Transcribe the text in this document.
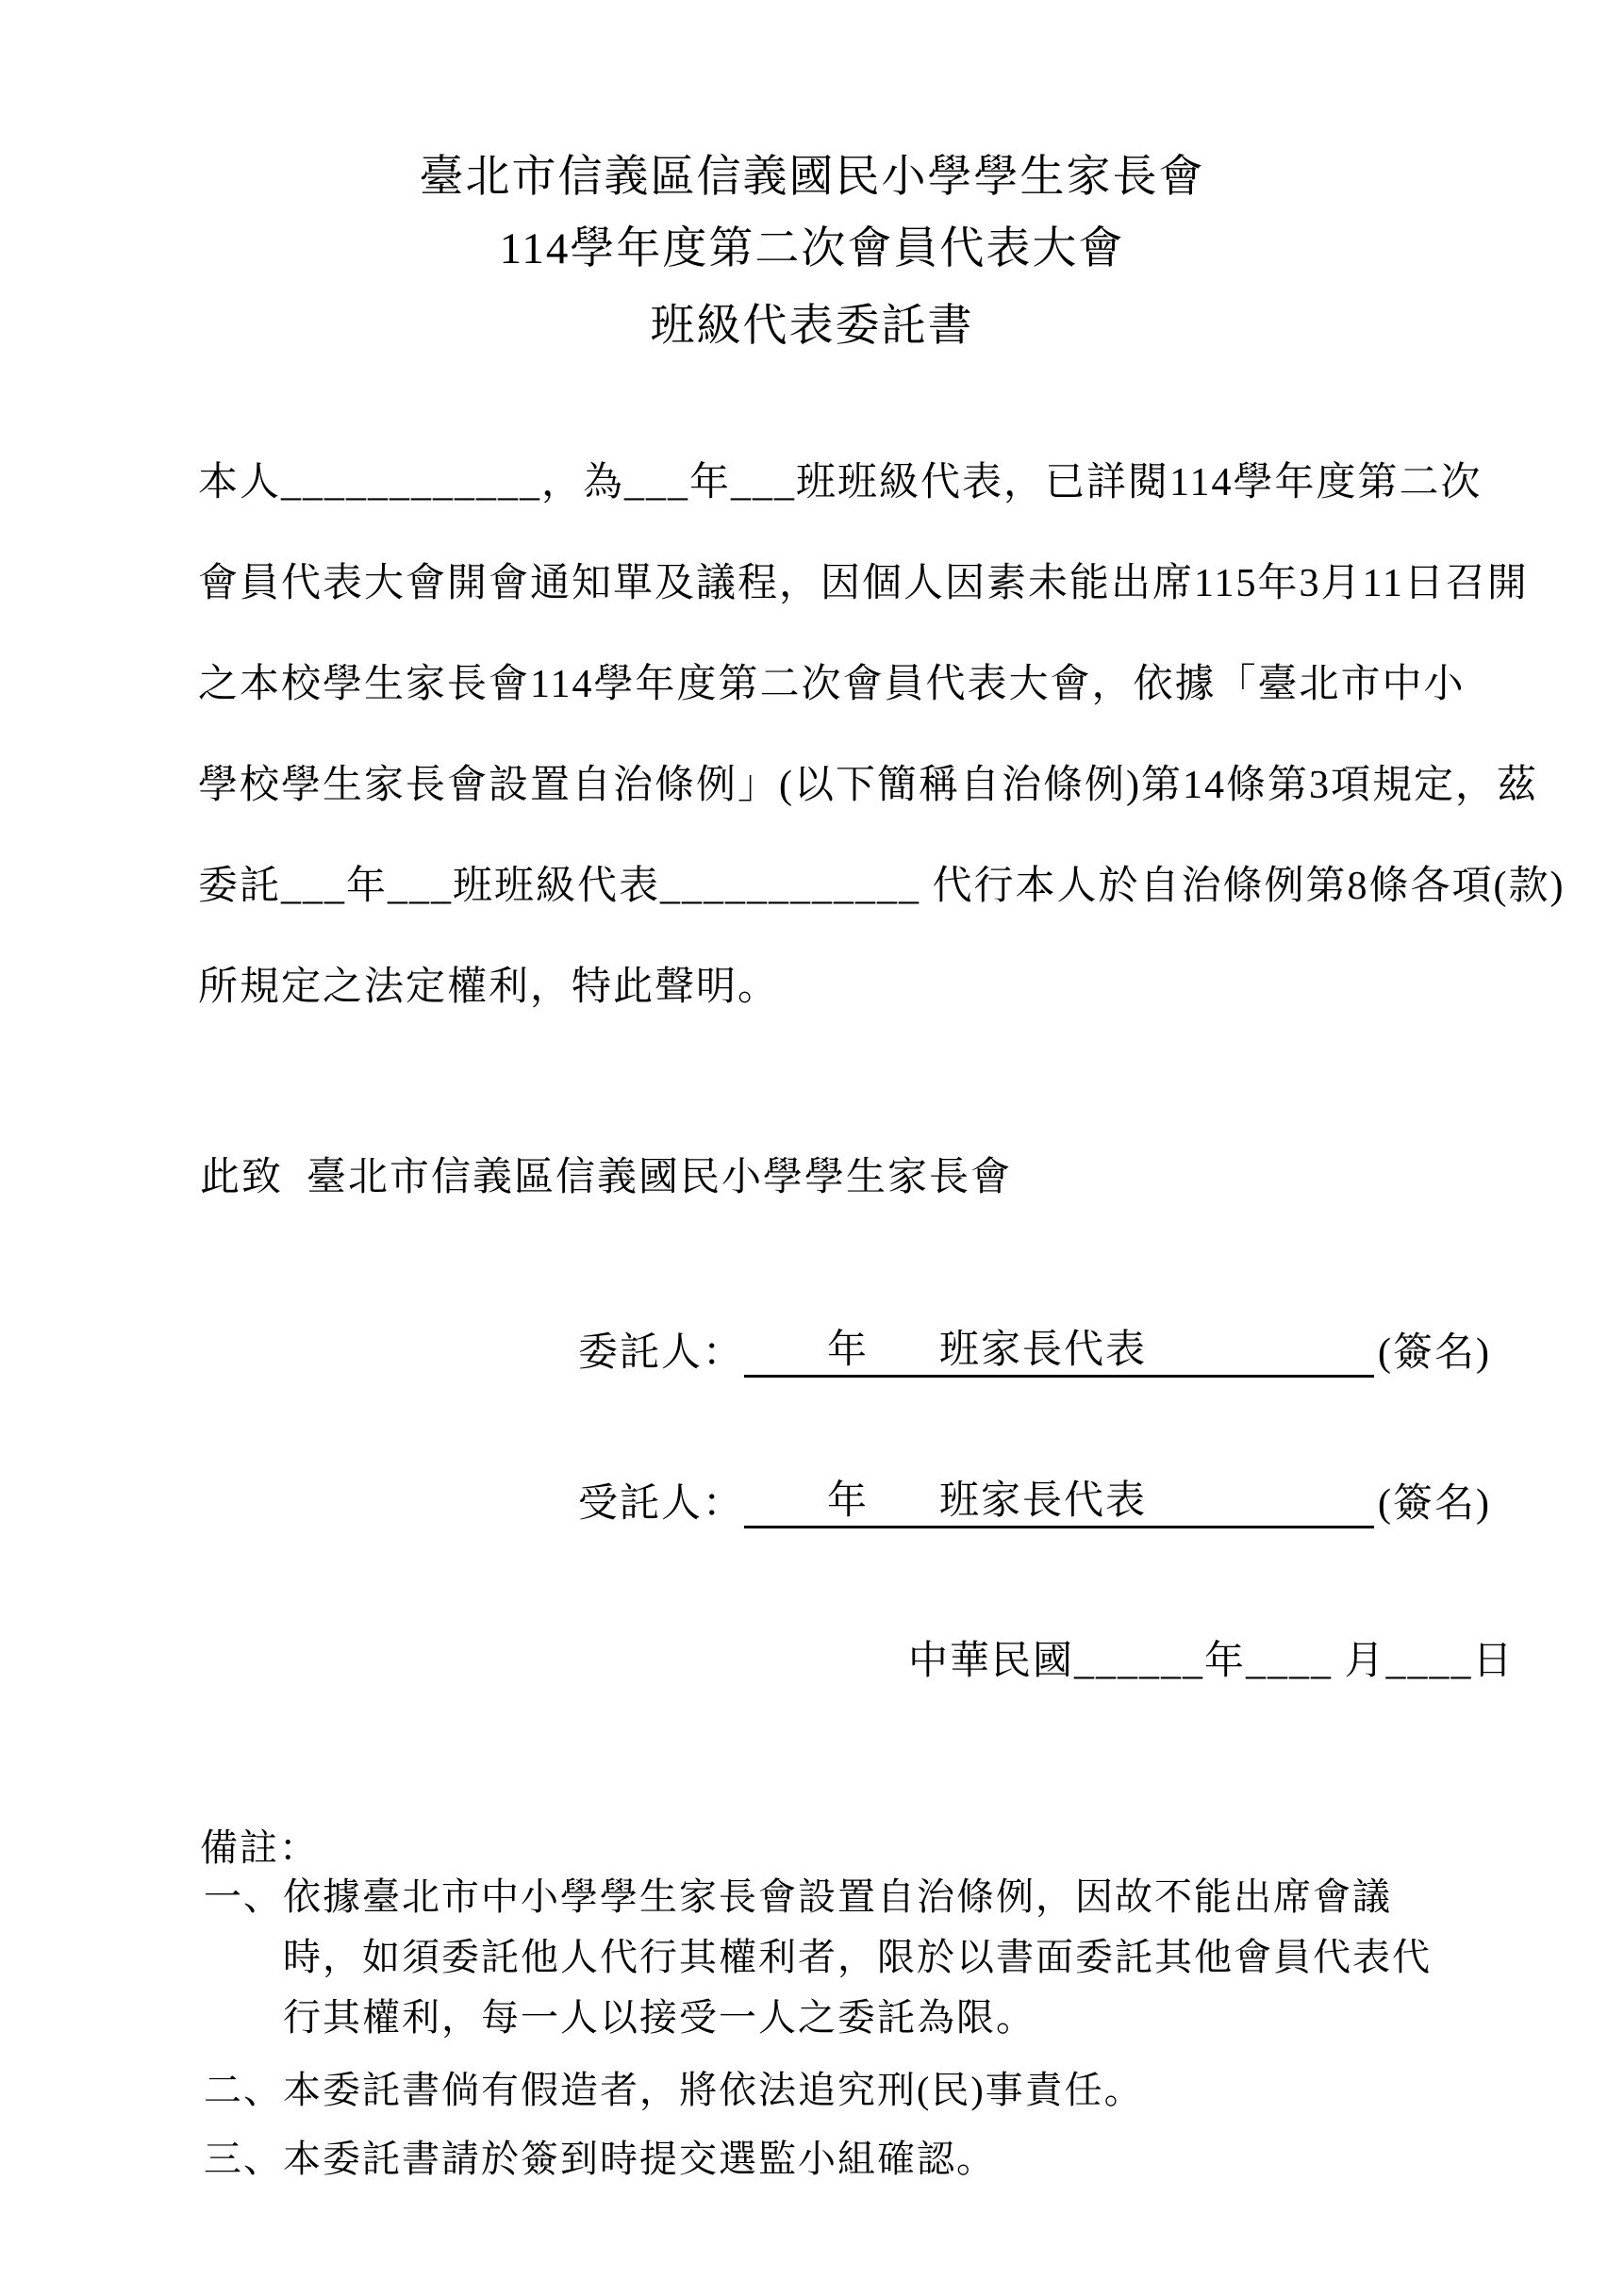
臺北市信義區信義國民小學學生家長會
114學年度第二次會員代表大會
班級代表委託書
本人____________，為___年___班班級代表，已詳閱114學年度第二次
會員代表大會開會通知單及議程，因個人因素未能出席115年3月11日召開
之本校學生家長會114學年度第二次會員代表大會，依據「臺北市中小
學校學生家長會設置自治條例」(以下簡稱自治條例)第14條第3項規定，茲
委託___年___班班級代表____________ 代行本人於自治條例第8條各項(款)
所規定之法定權利，特此聲明。
此致  臺北市信義區信義國民小學學生家長會
委託人：	年      班家長代表	(簽名)
受託人：	年      班家長代表	(簽名)
中華民國______年____ 月____日
備註：
一、 依據臺北市中小學學生家長會設置自治條例，因故不能出席會議時，如須委託他人代行其權利者，限於以書面委託其他會員代表代行其權利，每一人以接受一人之委託為限。
二、 本委託書倘有假造者，將依法追究刑(民)事責任。
三、 本委託書請於簽到時提交選監小組確認。
